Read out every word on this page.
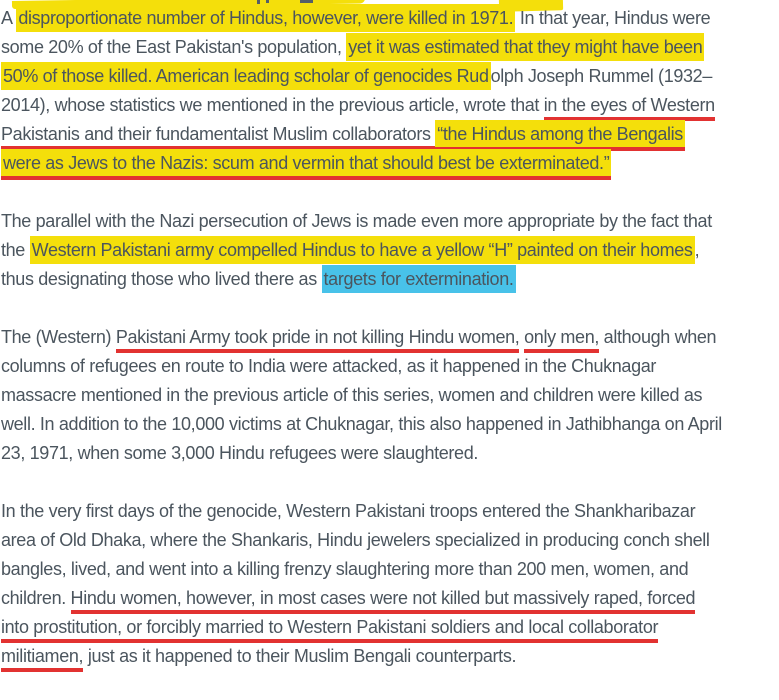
A disproportionate number of Hindus, however, were killed in 1971. In that year, Hindus were
some 20% of the East Pakistan's population, yet it was estimated that they might have been
50% of those killed. American leading scholar of genocides Rud olph Joseph Rummel (1932–
2014), whose statistics we mentioned in the previous article, wrote that in the eyes of Western
Pakistanis and their fundamentalist Muslim collaborators “the Hindus among the Bengalis
were as Jews to the Nazis: scum and vermin that should best be exterminated.”

The parallel with the Nazi persecution of Jews is made even more appropriate by the fact that
the Western Pakistani army compelled Hindus to have a yellow “H” painted on their homes ,
thus designating those who lived there as targets for extermination.

The (Western) Pakistani Army took pride in not killing Hindu women, only men, although when
columns of refugees en route to India were attacked, as it happened in the Chuknagar
massacre mentioned in the previous article of this series, women and children were killed as
well. In addition to the 10,000 victims at Chuknagar, this also happened in Jathibhanga on April
23, 1971, when some 3,000 Hindu refugees were slaughtered.

In the very first days of the genocide, Western Pakistani troops entered the Shankharibazar
area of Old Dhaka, where the Shankaris, Hindu jewelers specialized in producing conch shell
bangles, lived, and went into a killing frenzy slaughtering more than 200 men, women, and
children. Hindu women, however, in most cases were not killed but massively raped, forced
into prostitution, or forcibly married to Western Pakistani soldiers and local collaborator
militiamen, just as it happened to their Muslim Bengali counterparts.
